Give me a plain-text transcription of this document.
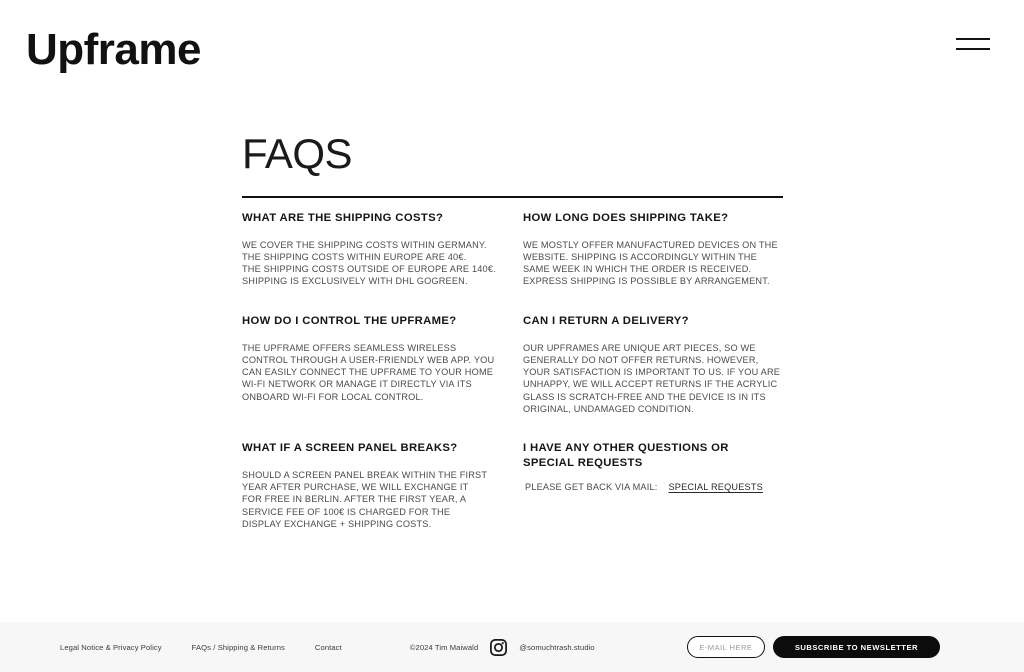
Upframe
FAQS
WHAT ARE THE SHIPPING COSTS?

WE COVER THE SHIPPING COSTS WITHIN GERMANY.
THE SHIPPING COSTS WITHIN EUROPE ARE 40€.
THE SHIPPING COSTS OUTSIDE OF EUROPE ARE 140€.
SHIPPING IS EXCLUSIVELY WITH DHL GOGREEN.

HOW LONG DOES SHIPPING TAKE?

WE MOSTLY OFFER MANUFACTURED DEVICES ON THE
WEBSITE. SHIPPING IS ACCORDINGLY WITHIN THE
SAME WEEK IN WHICH THE ORDER IS RECEIVED.
EXPRESS SHIPPING IS POSSIBLE BY ARRANGEMENT.

HOW DO I CONTROL THE UPFRAME?

THE UPFRAME OFFERS SEAMLESS WIRELESS
CONTROL THROUGH A USER-FRIENDLY WEB APP. YOU
CAN EASILY CONNECT THE UPFRAME TO YOUR HOME
WI-FI NETWORK OR MANAGE IT DIRECTLY VIA ITS
ONBOARD WI-FI FOR LOCAL CONTROL.

CAN I RETURN A DELIVERY?

OUR UPFRAMES ARE UNIQUE ART PIECES, SO WE
GENERALLY DO NOT OFFER RETURNS. HOWEVER,
YOUR SATISFACTION IS IMPORTANT TO US. IF YOU ARE
UNHAPPY, WE WILL ACCEPT RETURNS IF THE ACRYLIC
GLASS IS SCRATCH-FREE AND THE DEVICE IS IN ITS
ORIGINAL, UNDAMAGED CONDITION.

WHAT IF A SCREEN PANEL BREAKS?

SHOULD A SCREEN PANEL BREAK WITHIN THE FIRST
YEAR AFTER PURCHASE, WE WILL EXCHANGE IT
FOR FREE IN BERLIN. AFTER THE FIRST YEAR, A
SERVICE FEE OF 100€ IS CHARGED FOR THE
DISPLAY EXCHANGE + SHIPPING COSTS.

I HAVE ANY OTHER QUESTIONS OR SPECIAL REQUESTS
PLEASE GET BACK VIA MAIL: SPECIAL REQUESTS
Legal Notice & Privacy Policy	FAQs / Shipping & Returns	Contact	©2024 Tim Maiwald	@somuchtrash.studio
E-MAIL HERE	SUBSCRIBE TO NEWSLETTER
